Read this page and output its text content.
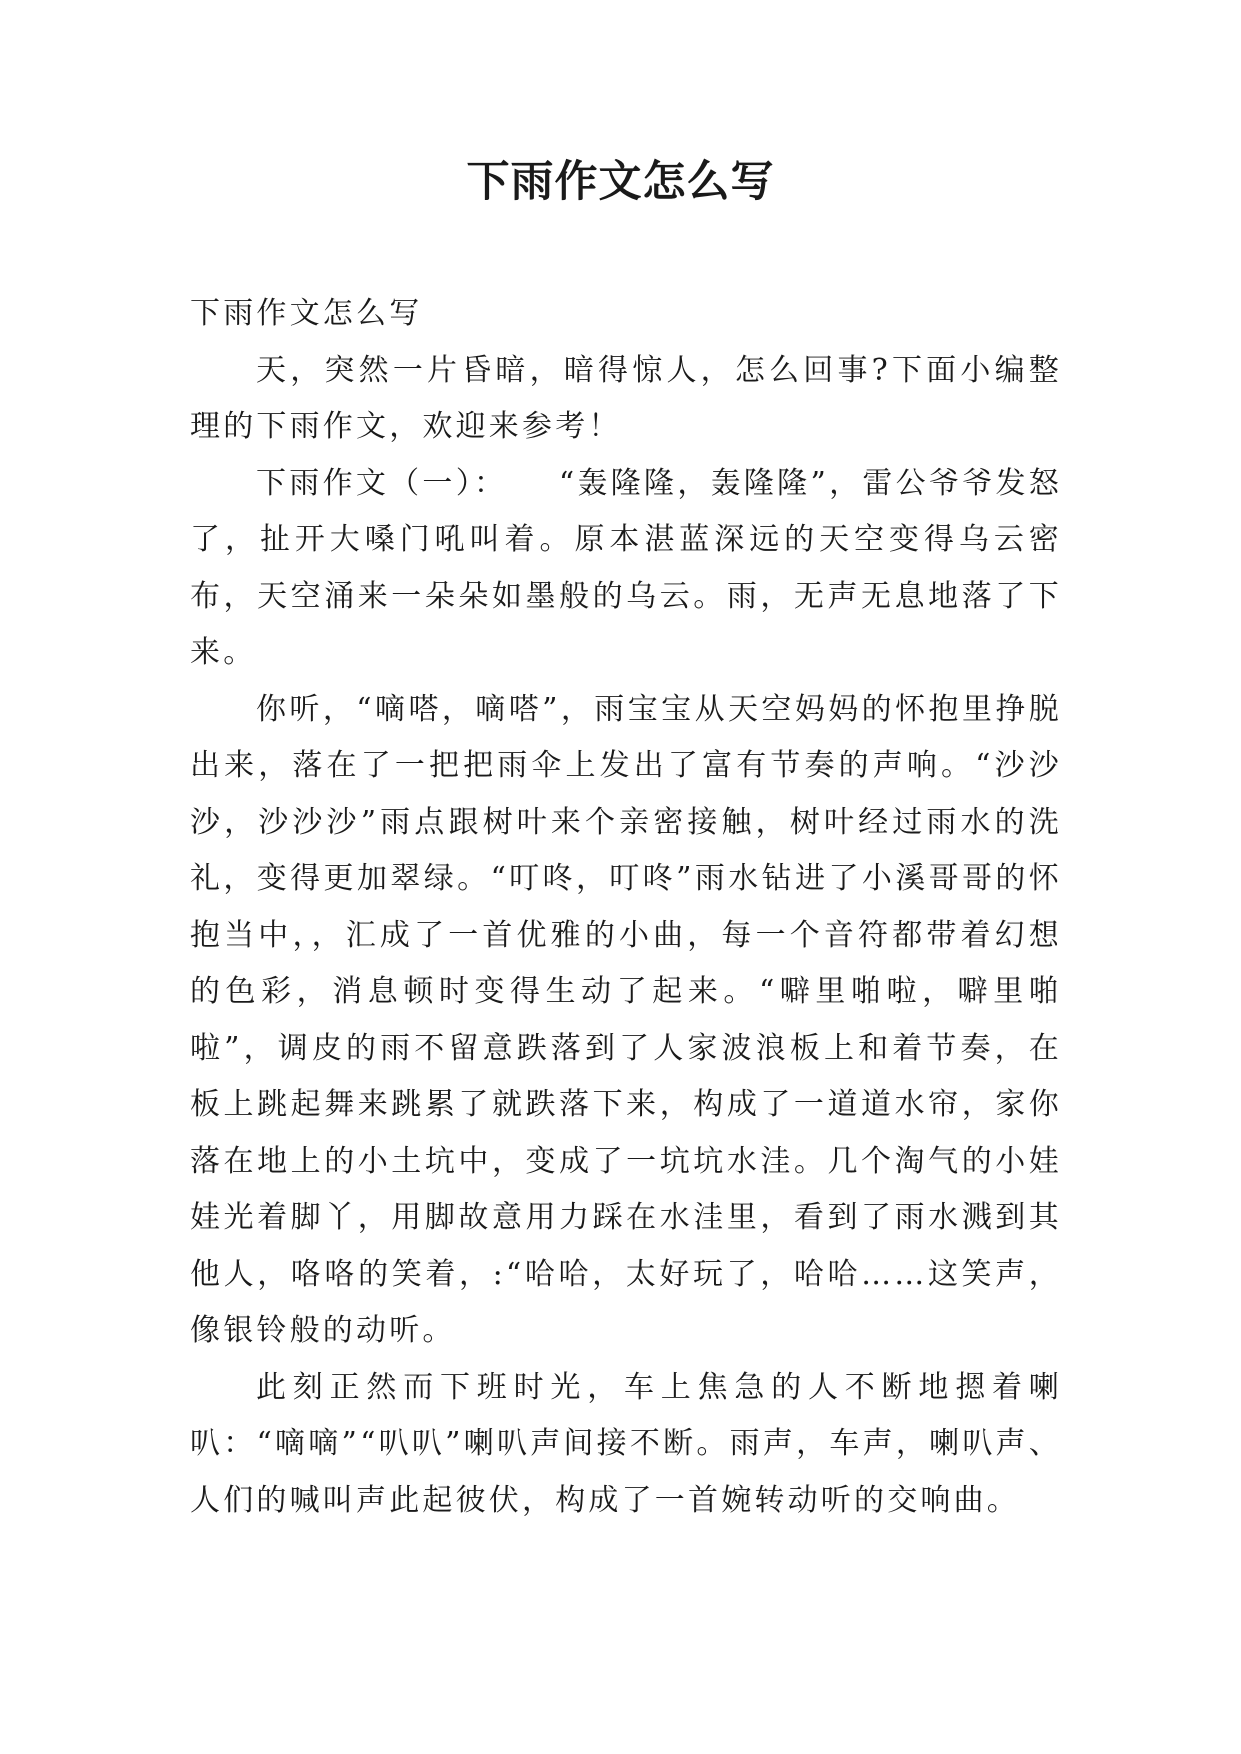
下雨作文怎么写

下雨作文怎么写

天，突然一片昏暗，暗得惊人，怎么回事?下面小编整理的下雨作文，欢迎来参考！

下雨作文（一）：　　“轰隆隆，轰隆隆”，雷公爷爷发怒了，扯开大嗓门吼叫着。原本湛蓝深远的天空变得乌云密布，天空涌来一朵朵如墨般的乌云。雨，无声无息地落了下来。

你听，“嘀嗒，嘀嗒”，雨宝宝从天空妈妈的怀抱里挣脱出来，落在了一把把雨伞上发出了富有节奏的声响。“沙沙沙，沙沙沙”雨点跟树叶来个亲密接触，树叶经过雨水的洗礼，变得更加翠绿。“叮咚，叮咚”雨水钻进了小溪哥哥的怀抱当中，，汇成了一首优雅的小曲，每一个音符都带着幻想的色彩，消息顿时变得生动了起来。“噼里啪啦，噼里啪啦”，调皮的雨不留意跌落到了人家波浪板上和着节奏，在板上跳起舞来跳累了就跌落下来，构成了一道道水帘，家你落在地上的小土坑中，变成了一坑坑水洼。几个淘气的小娃娃光着脚丫，用脚故意用力踩在水洼里，看到了雨水溅到其他人，咯咯的笑着，:“哈哈，太好玩了，哈哈……这笑声，像银铃般的动听。

此刻正然而下班时光，车上焦急的人不断地摁着喇叭：“嘀嘀”“叭叭”喇叭声间接不断。雨声，车声，喇叭声、人们的喊叫声此起彼伏，构成了一首婉转动听的交响曲。
